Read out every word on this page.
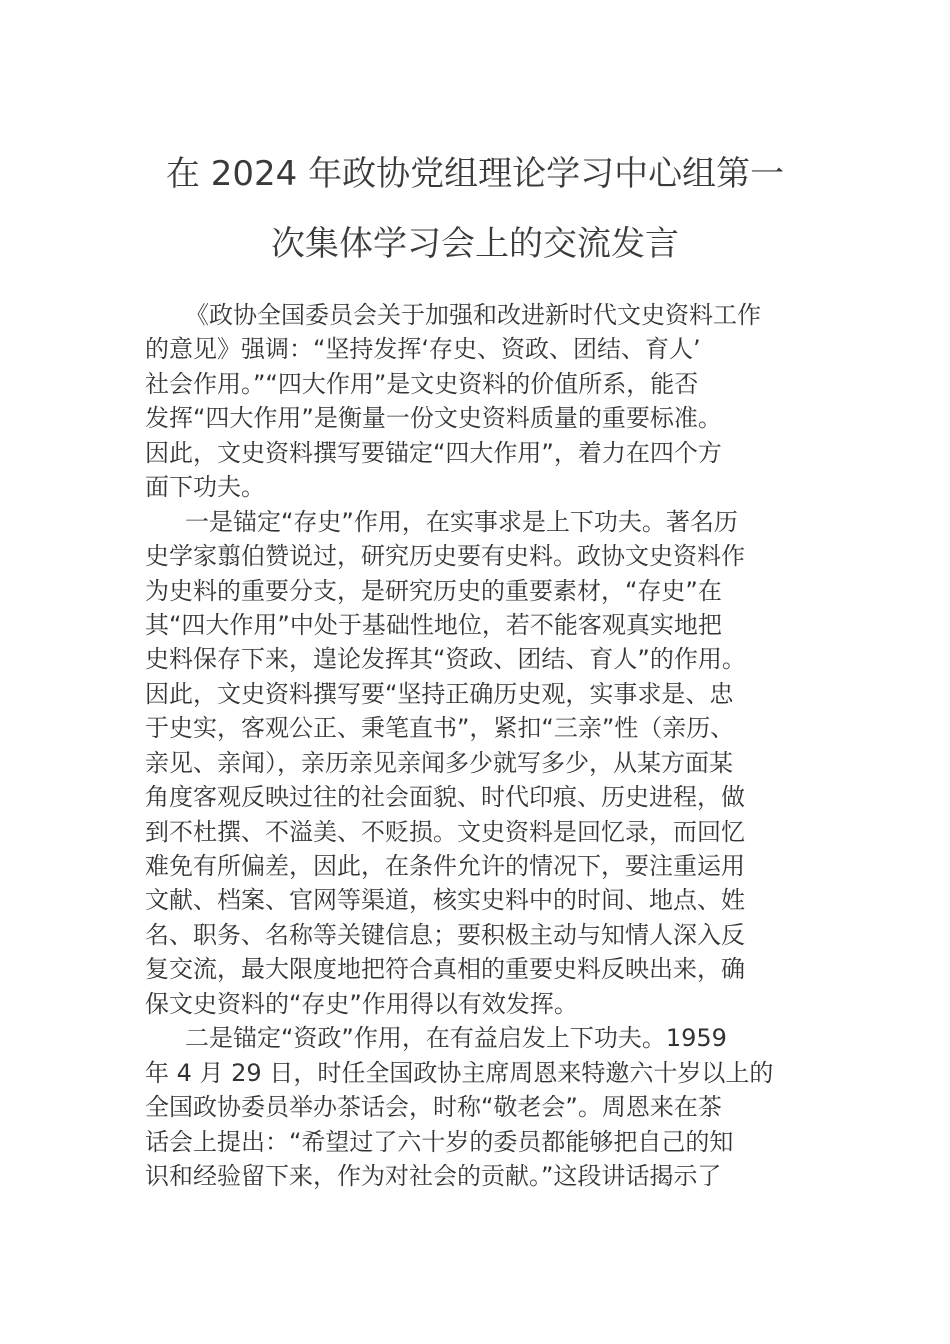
在 2024 年政协党组理论学习中心组第一
次集体学习会上的交流发言
《政协全国委员会关于加强和改进新时代文史资料工作
的意见》强调：“坚持发挥‘存史、资政、团结、育人’
社会作用。”“四大作用”是文史资料的价值所系，能否
发挥“四大作用”是衡量一份文史资料质量的重要标准。
因此，文史资料撰写要锚定“四大作用”，着力在四个方
面下功夫。
一是锚定“存史”作用，在实事求是上下功夫。著名历
史学家翦伯赞说过，研究历史要有史料。政协文史资料作
为史料的重要分支，是研究历史的重要素材，“存史”在
其“四大作用”中处于基础性地位，若不能客观真实地把
史料保存下来，遑论发挥其“资政、团结、育人”的作用。
因此，文史资料撰写要“坚持正确历史观，实事求是、忠
于史实，客观公正、秉笔直书”，紧扣“三亲”性（亲历、
亲见、亲闻），亲历亲见亲闻多少就写多少，从某方面某
角度客观反映过往的社会面貌、时代印痕、历史进程，做
到不杜撰、不溢美、不贬损。文史资料是回忆录，而回忆
难免有所偏差，因此，在条件允许的情况下，要注重运用
文献、档案、官网等渠道，核实史料中的时间、地点、姓
名、职务、名称等关键信息；要积极主动与知情人深入反
复交流，最大限度地把符合真相的重要史料反映出来，确
保文史资料的“存史”作用得以有效发挥。
二是锚定“资政”作用，在有益启发上下功夫。1959
年 4 月 29 日，时任全国政协主席周恩来特邀六十岁以上的
全国政协委员举办茶话会，时称“敬老会”。周恩来在茶
话会上提出：“希望过了六十岁的委员都能够把自己的知
识和经验留下来，作为对社会的贡献。”这段讲话揭示了
